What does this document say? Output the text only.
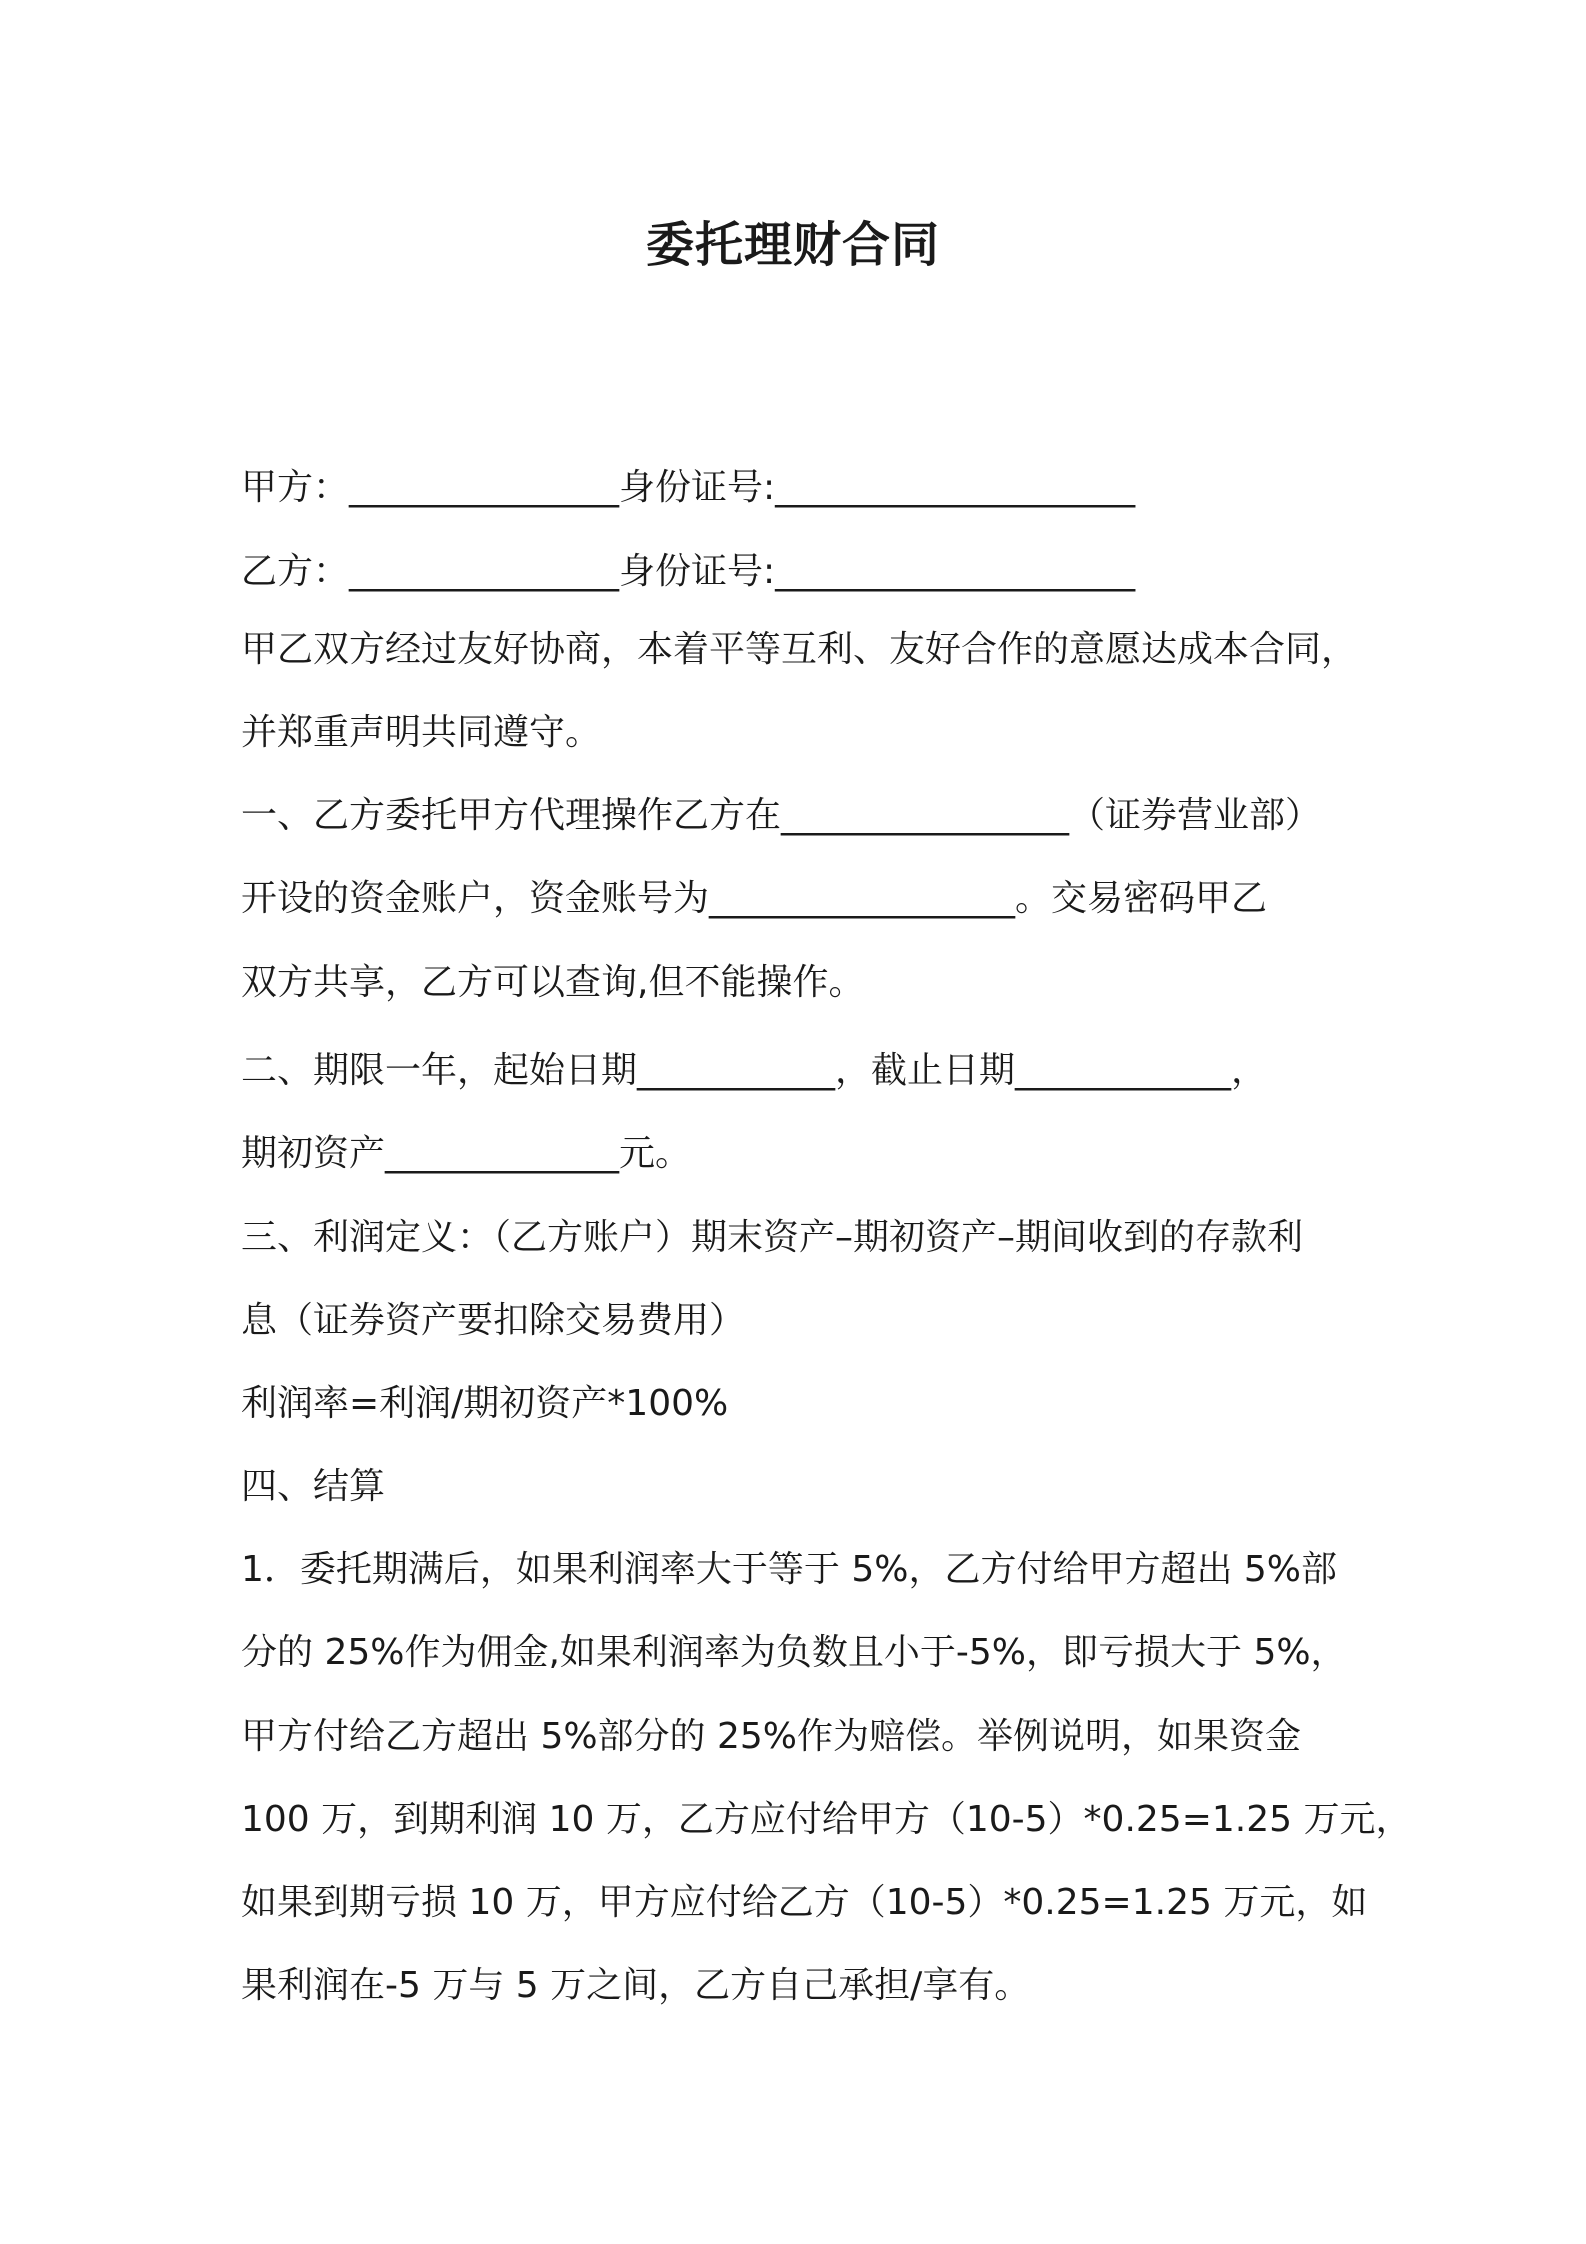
委托理财合同
甲方：_______________身份证号:____________________
乙方：_______________身份证号:____________________
甲乙双方经过友好协商，本着平等互利、友好合作的意愿达成本合同，
并郑重声明共同遵守。
一、乙方委托甲方代理操作乙方在________________（证券营业部）
开设的资金账户，资金账号为_________________。交易密码甲乙
双方共享，乙方可以查询,但不能操作。
二、期限一年，起始日期___________，截止日期____________，
期初资产_____________元。
三、利润定义：（乙方账户）期末资产–期初资产–期间收到的存款利
息（证券资产要扣除交易费用）
利润率=利润/期初资产*100%
四、结算
1．委托期满后，如果利润率大于等于 5%，乙方付给甲方超出 5%部
分的 25%作为佣金,如果利润率为负数且小于-5%，即亏损大于 5%，
甲方付给乙方超出 5%部分的 25%作为赔偿。举例说明，如果资金
100 万，到期利润 10 万，乙方应付给甲方（10-5）*0.25=1.25 万元，
如果到期亏损 10 万，甲方应付给乙方（10-5）*0.25=1.25 万元，如
果利润在-5 万与 5 万之间，乙方自己承担/享有。
